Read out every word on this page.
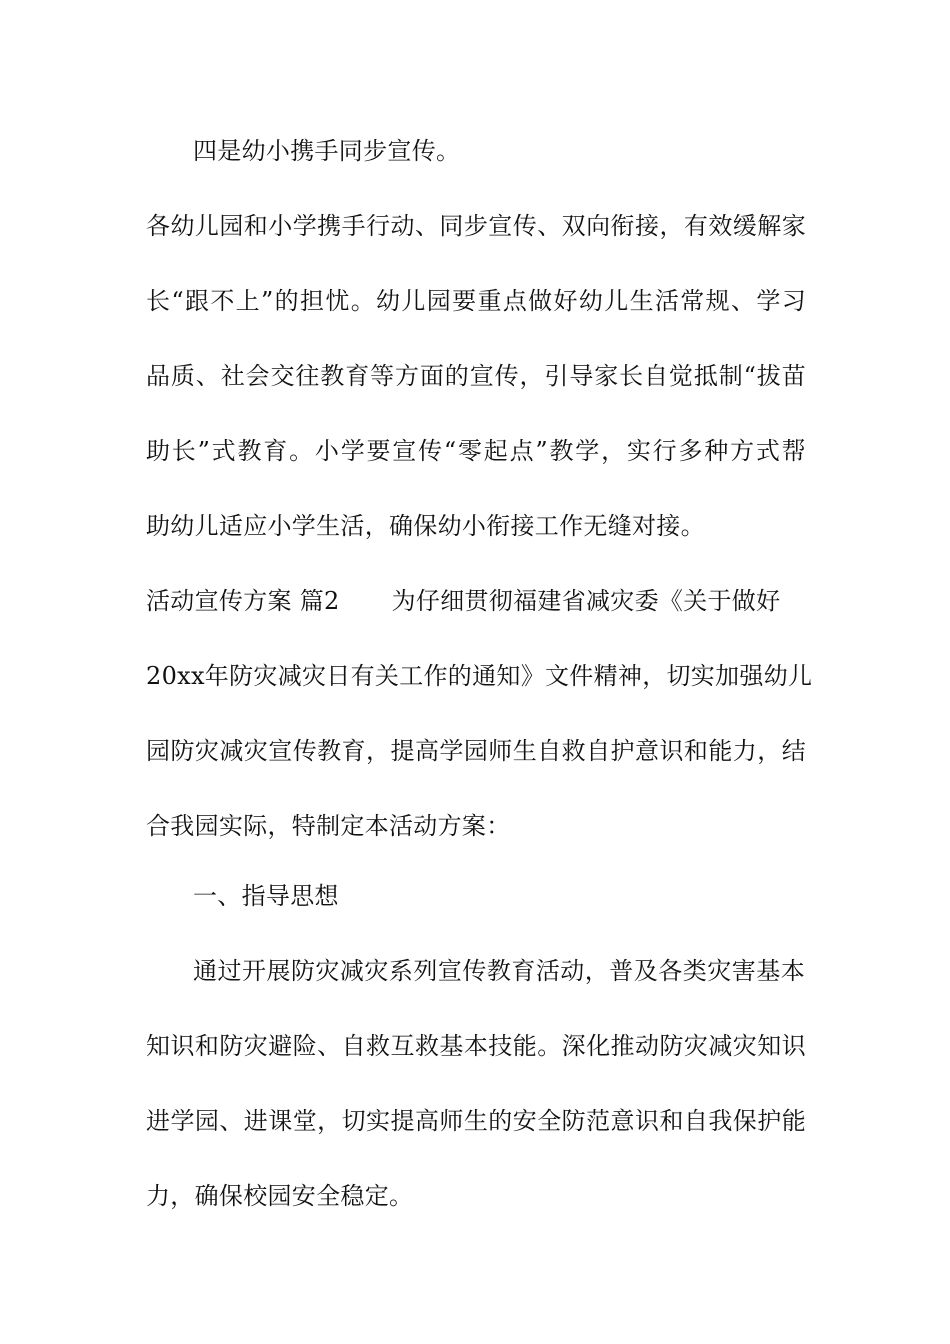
四是幼小携手同步宣传。
各幼儿园和小学携手行动、同步宣传、双向衔接，有效缓解家
长“跟不上”的担忧。幼儿园要重点做好幼儿生活常规、学习
品质、社会交往教育等方面的宣传，引导家长自觉抵制“拔苗
助长”式教育。小学要宣传“零起点”教学，实行多种方式帮
助幼儿适应小学生活，确保幼小衔接工作无缝对接。
活动宣传方案 篇2 为仔细贯彻福建省减灾委《关于做好
20xx年防灾减灾日有关工作的通知》文件精神，切实加强幼儿
园防灾减灾宣传教育，提高学园师生自救自护意识和能力，结
合我园实际，特制定本活动方案：
一、指导思想
通过开展防灾减灾系列宣传教育活动，普及各类灾害基本
知识和防灾避险、自救互救基本技能。深化推动防灾减灾知识
进学园、进课堂，切实提高师生的安全防范意识和自我保护能
力，确保校园安全稳定。
